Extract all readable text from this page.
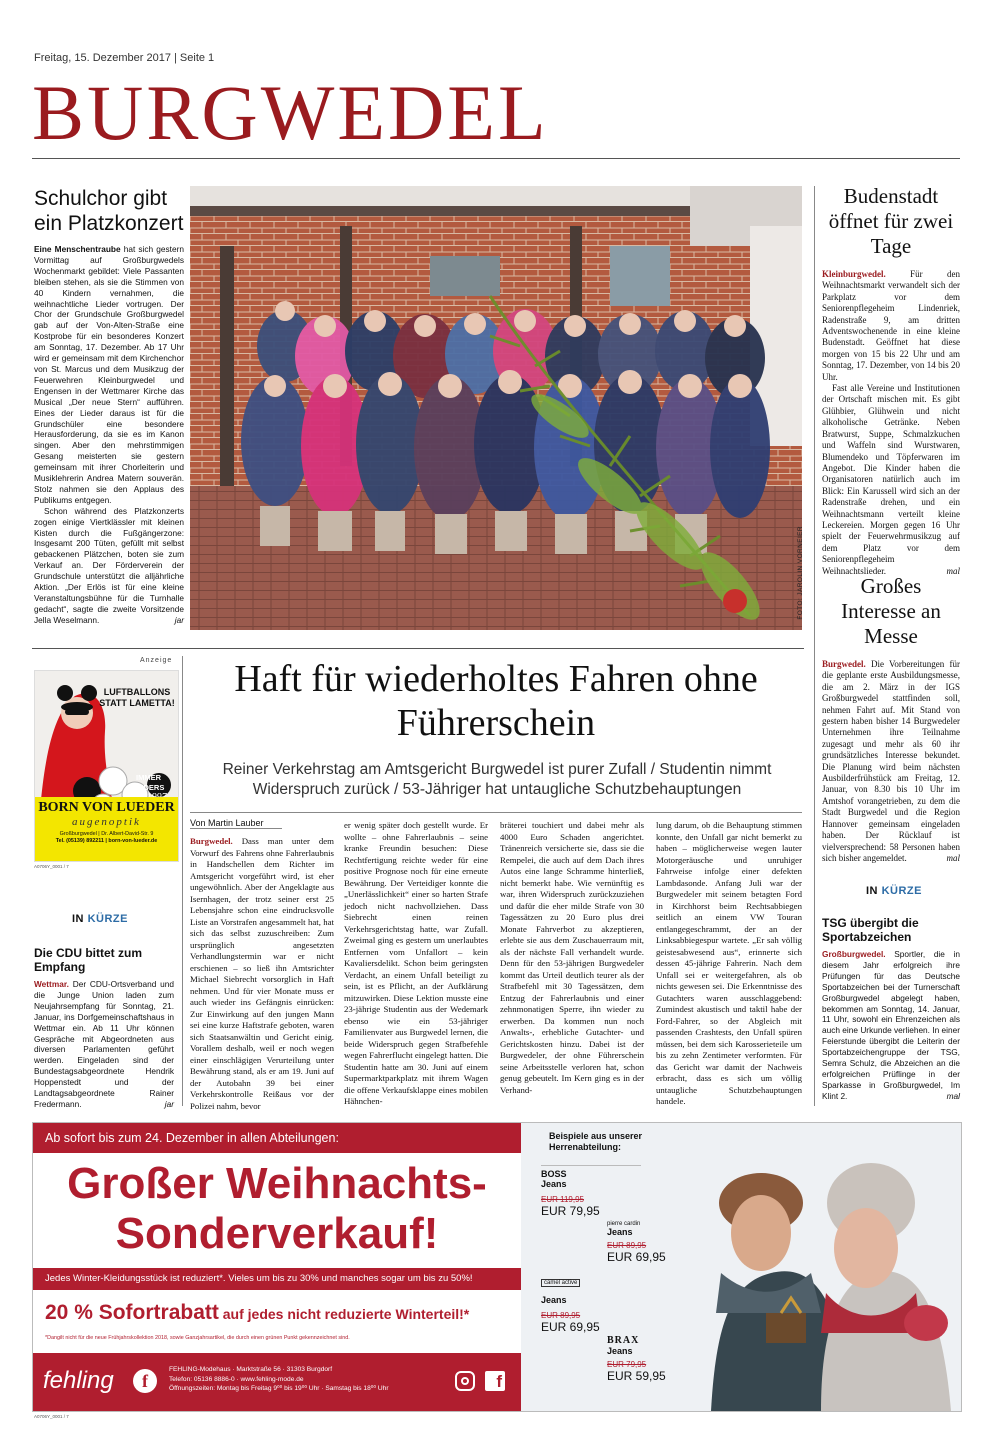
Freitag, 15. Dezember 2017 | Seite 1
BURGWEDEL
Schulchor gibt ein Platzkonzert

Eine Menschentraube hat sich gestern Vormittag auf Großburgwedels Wochenmarkt gebildet: Viele Passanten bleiben stehen, als sie die Stimmen von 40 Kindern vernahmen, die weihnachtliche Lieder vortrugen. Der Chor der Grundschule Großburgwedel gab auf der Von-Alten-Straße eine Kostprobe für ein besonderes Konzert am Sonntag, 17. Dezember. Ab 17 Uhr wird er gemeinsam mit dem Kirchenchor von St. Marcus und dem Musikzug der Feuerwehren Kleinburgwedel und Engensen in der Wettmarer Kirche das Musical „Der neue Stern“ aufführen. Eines der Lieder daraus ist für die Grundschüler eine besondere Herausforderung, da sie es im Kanon singen. Aber den mehrstimmigen Gesang meisterten sie gestern gemeinsam mit ihrer Chorleiterin und Musiklehrerin Andrea Matern souverän. Stolz nahmen sie den Applaus des Publikums entgegen.

Schon während des Platzkonzerts zogen einige Viertklässler mit kleinen Kisten durch die Fußgängerzone: Insgesamt 200 Tüten, gefüllt mit selbst gebackenen Plätzchen, boten sie zum Verkauf an. Der Förderverein der Grundschule unterstützt die alljährliche Aktion. „Der Erlös ist für eine kleine Veranstaltungsbühne für die Turnhalle gedacht“, sagte die zweite Vorsitzende Jella Weselmann.	jar	FOTO: JAROLIN VORNEIER
Budenstadt öffnet für zwei Tage

Kleinburgwedel. Für den Weihnachtsmarkt verwandelt sich der Parkplatz vor dem Seniorenpflegeheim Lindenriek, Radenstraße 9, am dritten Adventswochenende in eine kleine Budenstadt. Geöffnet hat diese morgen von 15 bis 22 Uhr und am Sonntag, 17. Dezember, von 14 bis 20 Uhr.

Fast alle Vereine und Institutionen der Ortschaft mischen mit. Es gibt Glühbier, Glühwein und nicht alkoholische Getränke. Neben Bratwurst, Suppe, Schmalzkuchen und Waffeln sind Wurstwaren, Blumendeko und Töpferwaren im Angebot. Die Kinder haben die Organisatoren natürlich auch im Blick: Ein Karussell wird sich an der Radenstraße drehen, und ein Weihnachtsmann verteilt kleine Leckereien. Morgen gegen 16 Uhr spielt der Feuerwehrmusikzug auf dem Platz vor dem Seniorenpflegeheim Weihnachtslieder.	mal

Großes Interesse an Messe

Burgwedel. Die Vorbereitungen für die geplante erste Ausbildungsmesse, die am 2. März in der IGS Großburgwedel stattfinden soll, nehmen Fahrt auf. Mit Stand von gestern haben bisher 14 Burgwedeler Unternehmen ihre Teilnahme zugesagt und mehr als 60 ihr grundsätzliches Interesse bekundet. Die Planung wird beim nächsten Ausbilderfrühstück am Freitag, 12. Januar, von 8.30 bis 10 Uhr im Amtshof vorangetrieben, zu dem die Stadt Burgwedel und die Region Hannover gemeinsam eingeladen haben. Der Rücklauf ist vielversprechend: 58 Personen haben sich bisher angemeldet.	mal

IN KÜRZE
TSG übergibt die Sportabzeichen

Großburgwedel. Sportler, die in diesem Jahr erfolgreich ihre Prüfungen für das Deutsche Sportabzeichen bei der Turnerschaft Großburgwedel abgelegt haben, bekommen am Sonntag, 14. Januar, 11 Uhr, sowohl ein Ehrenzeichen als auch eine Urkunde verliehen. In einer Feierstunde übergibt die Leiterin der Sportabzeichengruppe der TSG, Semra Schulz, die Abzeichen an die erfolgreichen Prüflinge in der Sparkasse in Großburgwedel, Im Klint 2.	mal

Anzeige
LUFTBALLONS
STATT LAMETTA!
IMMER ANDERS
BORN VON LUEDER
augenoptik
Großburgwedel | Dr. Albert-David-Str. 9
Tel. (05139) 892211 | born-von-lueder.de
A0706Y_0001 / 7
IN KÜRZE
Die CDU bittet zum Empfang

Wettmar. Der CDU-Ortsverband und die Junge Union laden zum Neujahrsempfang für Sonntag, 21. Januar, ins Dorfgemeinschaftshaus in Wettmar ein. Ab 11 Uhr können Gespräche mit Abgeordneten aus diversen Parlamenten geführt werden. Eingeladen sind der Bundestagsabgeordnete Hendrik Hoppenstedt und der Landtagsabgeordnete Rainer Fredermann.	jar

Haft für wiederholtes Fahren ohne Führerschein
Reiner Verkehrstag am Amtsgericht Burgwedel ist purer Zufall / Studentin nimmt Widerspruch zurück / 53-Jähriger hat untaugliche Schutzbehauptungen
Von Martin Lauber
Burgwedel. Dass man unter dem Vorwurf des Fahrens ohne Fahrerlaubnis in Handschellen dem Richter im Amtsgericht vorgeführt wird, ist eher ungewöhnlich. Aber der Angeklagte aus Isernhagen, der trotz seiner erst 25 Lebensjahre schon eine eindrucksvolle Liste an Vorstrafen angesammelt hat, hat sich das selbst zuzuschreiben: Zum ursprünglich angesetzten Verhandlungstermin war er nicht erschienen – so ließ ihn Amtsrichter Michael Siebrecht vorsorglich in Haft nehmen. Und für vier Monate muss er auch wieder ins Gefängnis einrücken: Zur Einwirkung auf den jungen Mann sei eine kurze Haftstrafe geboten, waren sich Staatsanwältin und Gericht einig. Vorallem deshalb, weil er noch wegen einer einschlägigen Verurteilung unter Bewährung stand, als er am 19. Juni auf der Autobahn 39 bei einer Verkehrskontrolle Reißaus vor der Polizei nahm, bevor
er wenig später doch gestellt wurde. Er wollte – ohne Fahrerlaubnis – seine kranke Freundin besuchen: Diese Rechtfertigung reichte weder für eine positive Prognose noch für eine erneute Bewährung. Der Verteidiger konnte die „Unerlässlichkeit“ einer so harten Strafe jedoch nicht nachvollziehen. Dass Siebrecht einen reinen Verkehrsgerichtstag hatte, war Zufall. Zweimal ging es gestern um unerlaubtes Entfernen vom Unfallort – kein Kavaliersdelikt. Schon beim geringsten Verdacht, an einem Unfall beteiligt zu sein, ist es Pflicht, an der Aufklärung mitzuwirken. Diese Lektion musste eine 23-jährige Studentin aus der Wedemark ebenso wie ein 53-jähriger Familienvater aus Burgwedel lernen, die beide Widerspruch gegen Strafbefehle wegen Fahrerflucht eingelegt hatten. Die Studentin hatte am 30. Juni auf einem Supermarktparkplatz mit ihrem Wagen die offene Verkaufsklappe eines mobilen Hähnchen-
bräterei touchiert und dabei mehr als 4000 Euro Schaden angerichtet. Tränenreich versicherte sie, dass sie die Rempelei, die auch auf dem Dach ihres Autos eine lange Schramme hinterließ, nicht bemerkt habe. Wie vernünftig es war, ihren Widerspruch zurückzuziehen und dafür die eher milde Strafe von 30 Tagessätzen zu 20 Euro plus drei Monate Fahrverbot zu akzeptieren, erlebte sie aus dem Zuschauerraum mit, als der nächste Fall verhandelt wurde. Denn für den 53-jährigen Burgwedeler kommt das Urteil deutlich teurer als der Strafbefehl mit 30 Tagessätzen, dem Entzug der Fahrerlaubnis und einer zehnmonatigen Sperre, ihn wieder zu erwerben. Da kommen nun noch Anwalts-, erhebliche Gutachter- und Gerichtskosten hinzu. Dabei ist der Burgwedeler, der ohne Führerschein seine Arbeitsstelle verloren hat, schon genug gebeutelt. Im Kern ging es in der Verhand-
lung darum, ob die Behauptung stimmen konnte, den Unfall gar nicht bemerkt zu haben – möglicherweise wegen lauter Motorgeräusche und unruhiger Fahrweise infolge einer defekten Lambdasonde. Anfang Juli war der Burgwedeler mit seinem betagten Ford in Kirchhorst beim Rechtsabbiegen seitlich an einem VW Touran entlangegeschrammt, der an der Linksabbiegespur wartete. „Er sah völlig geistesabwesend aus“, erinnerte sich dessen 45-jährige Fahrerin. Nach dem Unfall sei er weitergefahren, als ob nichts gewesen sei. Die Erkenntnisse des Gutachters waren ausschlaggebend: Zumindest akustisch und taktil habe der Ford-Fahrer, so der Abgleich mit passenden Crashtests, den Unfall spüren müssen, bei dem sich Karosserieteile um bis zu zehn Zentimeter verformten. Für das Gericht war damit der Nachweis erbracht, dass es sich um völlig untaugliche Schutzbehauptungen handele.
Ab sofort bis zum 24. Dezember in allen Abteilungen:
Großer Weihnachts-
Sonderverkauf!
Jedes Winter-Kleidungsstück ist reduziert*. Vieles um bis zu 30% und manches sogar um bis zu 50%!
20 % Sofortrabatt auf jedes nicht reduzierte Winterteil!*
*Dangilt nicht für die neue Frühjahrskollektion 2018, sowie Ganzjahrsartikel, die durch einen grünen Punkt gekennzeichnet sind.
fehling	f
FEHLING-Modehaus · Marktstraße 56 · 31303 Burgdorf
Telefon: 05136 8886-0 · www.fehling-mode.de
Öffnungszeiten: Montag bis Freitag 9⁰⁰ bis 19⁰⁰ Uhr · Samstag bis 18⁰⁰ Uhr	f
Beispiele aus unserer Herrenabteilung:
BOSS
Jeans
EUR 119,95
EUR 79,95
pierre cardin
Jeans
EUR 89,95
EUR 69,95
camel active
Jeans
EUR 89,95
EUR 69,95
BRAX
Jeans
EUR 79,95
EUR 59,95
A0706Y_0001 / 7
